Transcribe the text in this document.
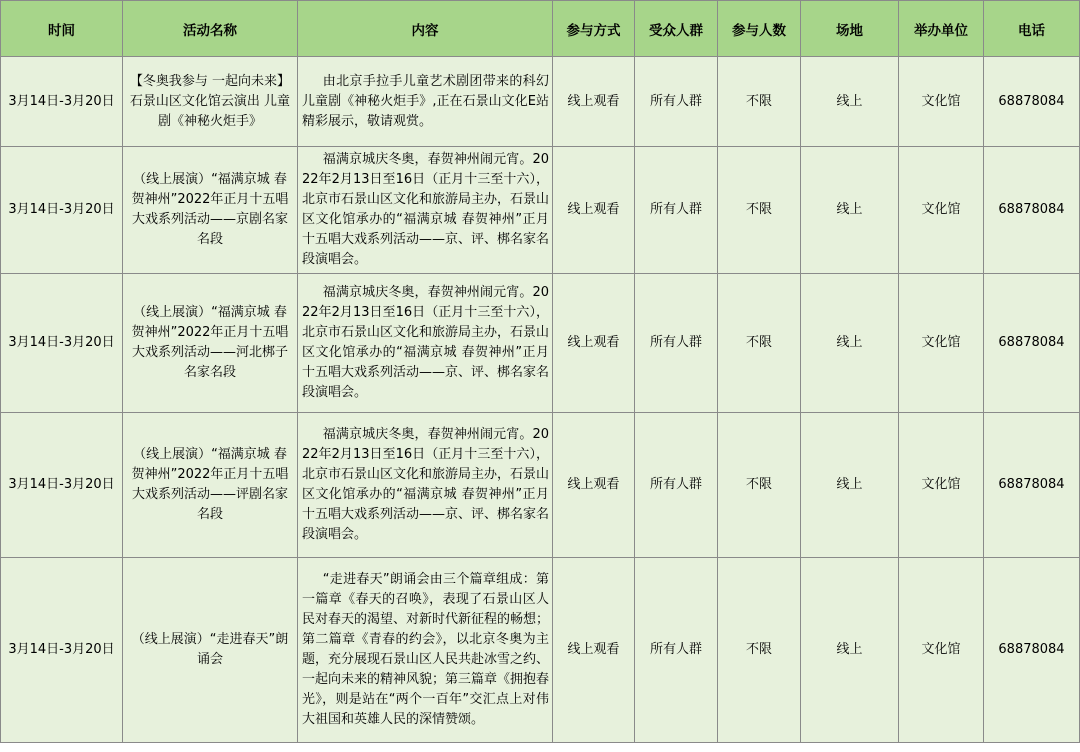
时间	活动名称	内容	参与方式	受众人群	参与人数	场地	举办单位	电话
3月14日-3月20日	【冬奥我参与 一起向未来】石景山区文化馆云演出 儿童剧《神秘火炬手》	由北京手拉手儿童艺术剧团带来的科幻儿童剧《神秘火炬手》,正在石景山文化E站精彩展示，敬请观赏。	线上观看	所有人群	不限	线上	文化馆	68878084
3月14日-3月20日	（线上展演）“福满京城 春贺神州”2022年正月十五唱大戏系列活动——京剧名家名段	福满京城庆冬奥，春贺神州闹元宵。2022年2月13日至16日（正月十三至十六），北京市石景山区文化和旅游局主办，石景山区文化馆承办的“福满京城 春贺神州”正月十五唱大戏系列活动——京、评、梆名家名段演唱会。	线上观看	所有人群	不限	线上	文化馆	68878084
3月14日-3月20日	（线上展演）“福满京城 春贺神州”2022年正月十五唱大戏系列活动——河北梆子名家名段	福满京城庆冬奥，春贺神州闹元宵。2022年2月13日至16日（正月十三至十六），北京市石景山区文化和旅游局主办，石景山区文化馆承办的“福满京城 春贺神州”正月十五唱大戏系列活动——京、评、梆名家名段演唱会。	线上观看	所有人群	不限	线上	文化馆	68878084
3月14日-3月20日	（线上展演）“福满京城 春贺神州”2022年正月十五唱大戏系列活动——评剧名家名段	福满京城庆冬奥，春贺神州闹元宵。2022年2月13日至16日（正月十三至十六），北京市石景山区文化和旅游局主办，石景山区文化馆承办的“福满京城 春贺神州”正月十五唱大戏系列活动——京、评、梆名家名段演唱会。	线上观看	所有人群	不限	线上	文化馆	68878084
3月14日-3月20日	（线上展演）“走进春天”朗诵会	“走进春天”朗诵会由三个篇章组成：第一篇章《春天的召唤》，表现了石景山区人民对春天的渴望、对新时代新征程的畅想；第二篇章《青春的约会》，以北京冬奥为主题，充分展现石景山区人民共赴冰雪之约、一起向未来的精神风貌；第三篇章《拥抱春光》，则是站在“两个一百年”交汇点上对伟大祖国和英雄人民的深情赞颂。	线上观看	所有人群	不限	线上	文化馆	68878084
